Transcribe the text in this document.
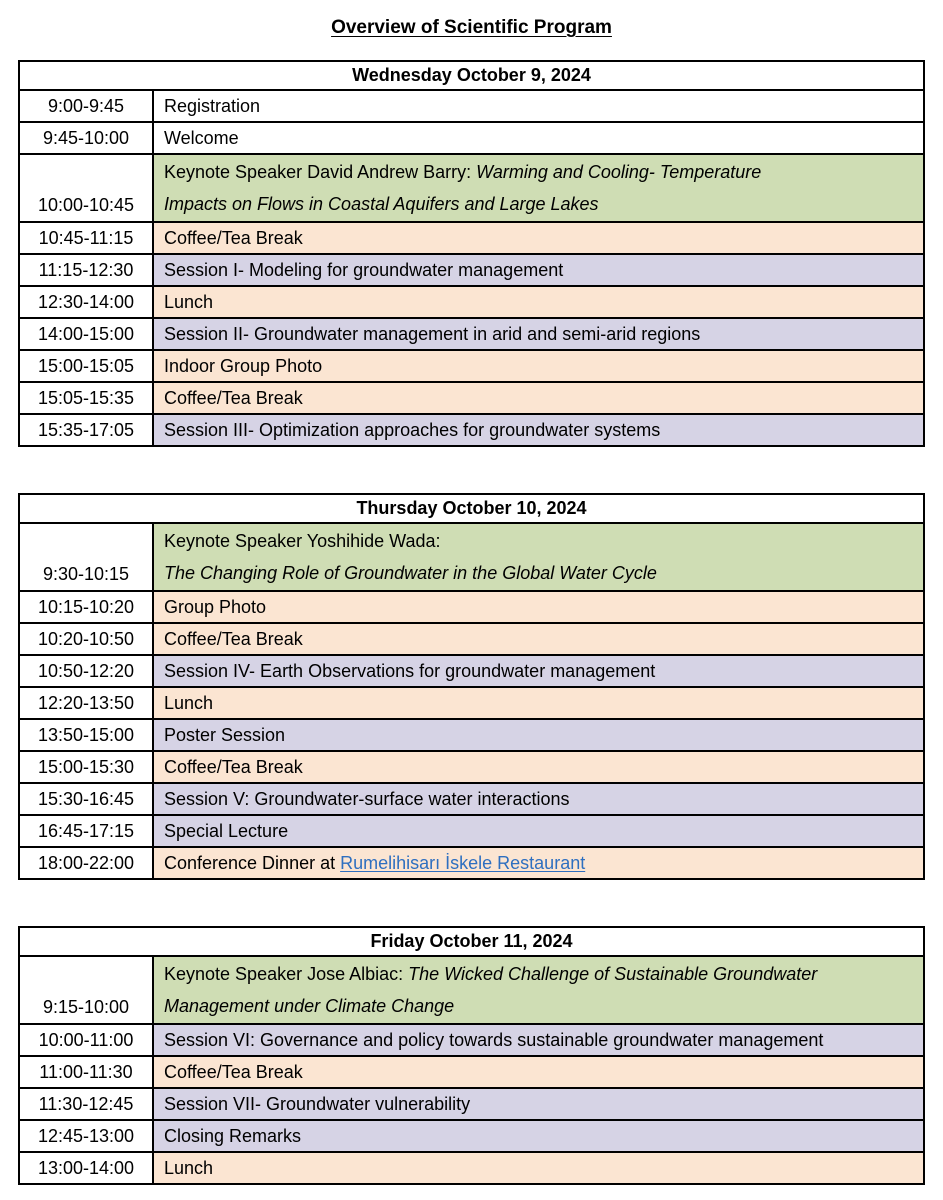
Overview of Scientific Program
Wednesday October 9, 2024	
9:00-9:45	Registration
9:45-10:00	Welcome
10:00-10:45	Keynote Speaker David Andrew Barry: Warming and Cooling- Temperature
Impacts on Flows in Coastal Aquifers and Large Lakes
10:45-11:15	Coffee/Tea Break
11:15-12:30	Session I- Modeling for groundwater management
12:30-14:00	Lunch
14:00-15:00	Session II- Groundwater management in arid and semi-arid regions
15:00-15:05	Indoor Group Photo
15:05-15:35	Coffee/Tea Break
15:35-17:05	Session III- Optimization approaches for groundwater systems
Thursday October 10, 2024	
9:30-10:15	Keynote Speaker Yoshihide Wada:
The Changing Role of Groundwater in the Global Water Cycle
10:15-10:20	Group Photo
10:20-10:50	Coffee/Tea Break
10:50-12:20	Session IV- Earth Observations for groundwater management
12:20-13:50	Lunch
13:50-15:00	Poster Session
15:00-15:30	Coffee/Tea Break
15:30-16:45	Session V: Groundwater-surface water interactions
16:45-17:15	Special Lecture
18:00-22:00	Conference Dinner at Rumelihisarı İskele Restaurant
Friday October 11, 2024	
9:15-10:00	Keynote Speaker Jose Albiac: The Wicked Challenge of Sustainable Groundwater
Management under Climate Change
10:00-11:00	Session VI: Governance and policy towards sustainable groundwater management
11:00-11:30	Coffee/Tea Break
11:30-12:45	Session VII- Groundwater vulnerability
12:45-13:00	Closing Remarks
13:00-14:00	Lunch
